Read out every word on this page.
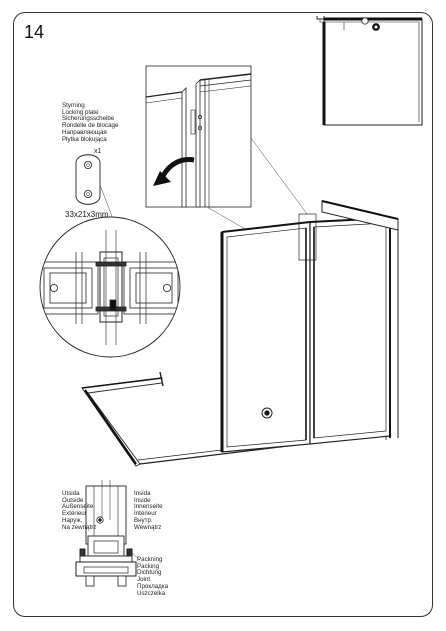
14
Styrning
Locking plate
Sicherungsscheibe
Rondelle de blocage
Направляющая
Płytka blokująca
x1
33x21x3mm
Utsida
Outside
Außenseite
Extérieur
Наруж.
Na zewnątrz
Insida
Inside
Innenseite
Intérieur
Внутр.
Wewnątrz
Packning
Packing
Dichtung
Joint
Прокладка
Uszczelka
